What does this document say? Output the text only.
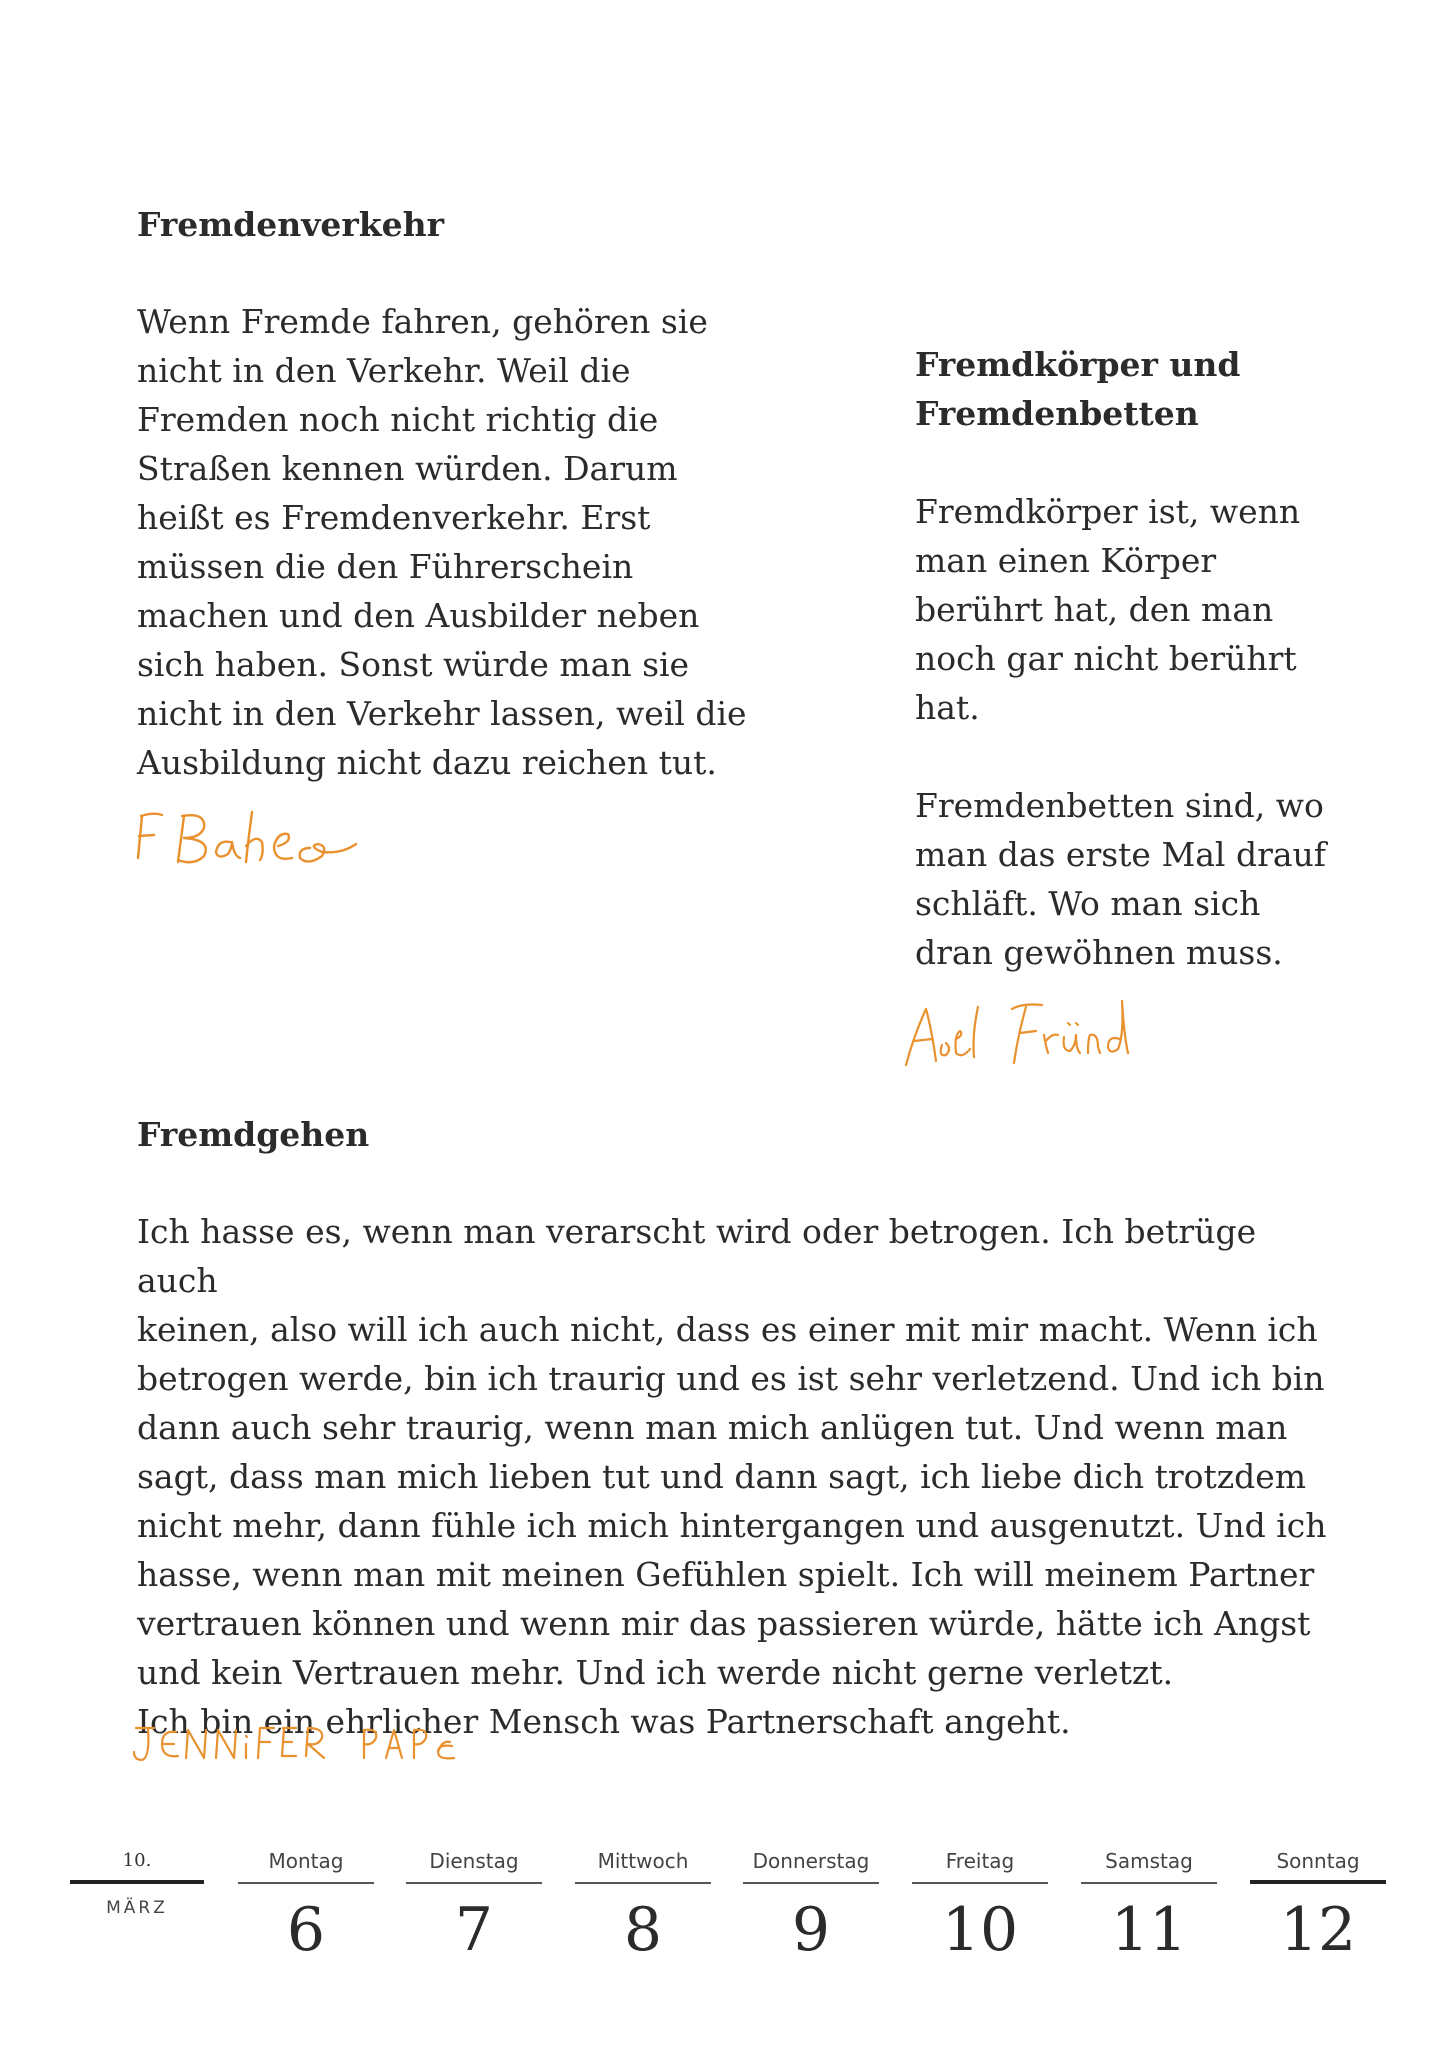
Fremdenverkehr
Wenn Fremde fahren, gehören sie
nicht in den Verkehr. Weil die
Fremden noch nicht richtig die
Straßen kennen würden. Darum
heißt es Fremdenverkehr. Erst
müssen die den Führerschein
machen und den Ausbilder neben
sich haben. Sonst würde man sie
nicht in den Verkehr lassen, weil die
Ausbildung nicht dazu reichen tut.
Fremdkörper und
Fremdenbetten
Fremdkörper ist, wenn
man einen Körper
berührt hat, den man
noch gar nicht berührt
hat.
Fremdenbetten sind, wo
man das erste Mal drauf
schläft. Wo man sich
dran gewöhnen muss.
Fremdgehen
Ich hasse es, wenn man verarscht wird oder betrogen. Ich betrüge auch
keinen, also will ich auch nicht, dass es einer mit mir macht. Wenn ich
betrogen werde, bin ich traurig und es ist sehr verletzend. Und ich bin
dann auch sehr traurig, wenn man mich anlügen tut. Und wenn man
sagt, dass man mich lieben tut und dann sagt, ich liebe dich trotzdem
nicht mehr, dann fühle ich mich hintergangen und ausgenutzt. Und ich
hasse, wenn man mit meinen Gefühlen spielt. Ich will meinem Partner
vertrauen können und wenn mir das passieren würde, hätte ich Angst
und kein Vertrauen mehr. Und ich werde nicht gerne verletzt.
Ich bin ein ehrlicher Mensch was Partnerschaft angeht.
10.
MÄRZ
Montag
6
Dienstag
7
Mittwoch
8
Donnerstag
9
Freitag
10
Samstag
11
Sonntag
12
